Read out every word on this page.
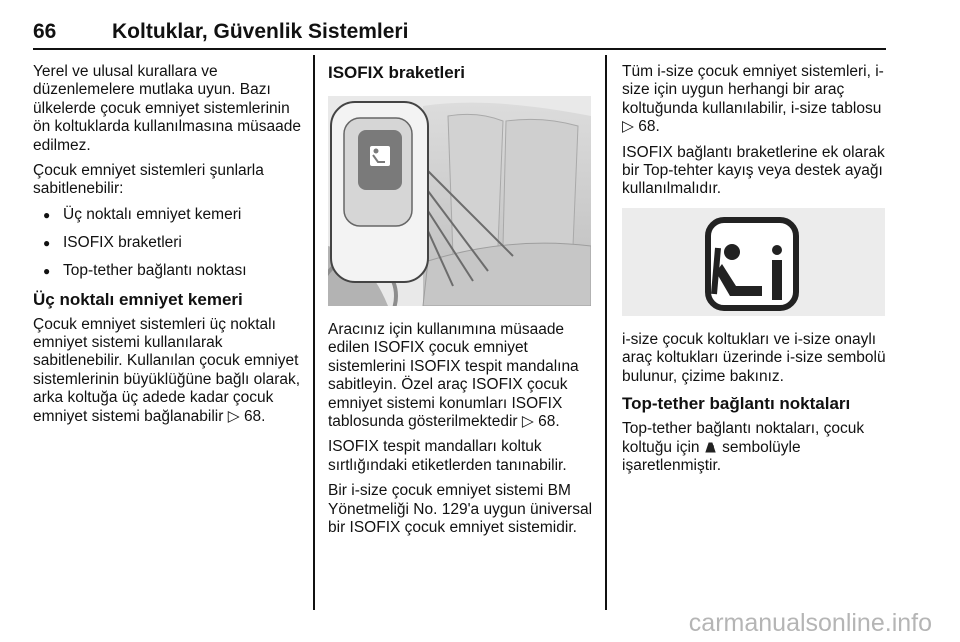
66	Koltuklar, Güvenlik Sistemleri

Yerel ve ulusal kurallara ve düzenlemelere mutlaka uyun. Bazı ülkelerde çocuk emniyet sistemlerinin ön koltuklarda kullanılmasına müsaade edilmez.

Çocuk emniyet sistemleri şunlarla sabitlenebilir:

● Üç noktalı emniyet kemeri
● ISOFIX braketleri
● Top-tether bağlantı noktası
Üç noktalı emniyet kemeri

Çocuk emniyet sistemleri üç noktalı emniyet sistemi kullanılarak sabitlenebilir. Kullanılan çocuk emniyet sistemlerinin büyüklüğüne bağlı olarak, arka koltuğa üç adede kadar çocuk emniyet sistemi bağlanabilir ▷ 68.

ISOFIX braketleri

Aracınız için kullanımına müsaade edilen ISOFIX çocuk emniyet sistemlerini ISOFIX tespit mandalına sabitleyin. Özel araç ISOFIX çocuk emniyet sistemi konumları ISOFIX tablosunda gösterilmektedir ▷ 68.

ISOFIX tespit mandalları koltuk sırtlığındaki etiketlerden tanınabilir.

Bir i-size çocuk emniyet sistemi BM Yönetmeliği No. 129'a uygun üniversal bir ISOFIX çocuk emniyet sistemidir.

Tüm i-size çocuk emniyet sistemleri, i-size için uygun herhangi bir araç koltuğunda kullanılabilir, i-size tablosu ▷ 68.

ISOFIX bağlantı braketlerine ek olarak bir Top-tehter kayış veya destek ayağı kullanılmalıdır.

i-size çocuk koltukları ve i-size onaylı araç koltukları üzerinde i-size sembolü bulunur, çizime bakınız.

Top-tether bağlantı noktaları

Top-tether bağlantı noktaları, çocuk koltuğu için sembolüyle işaretlenmiştir.

carmanualsonline.info
